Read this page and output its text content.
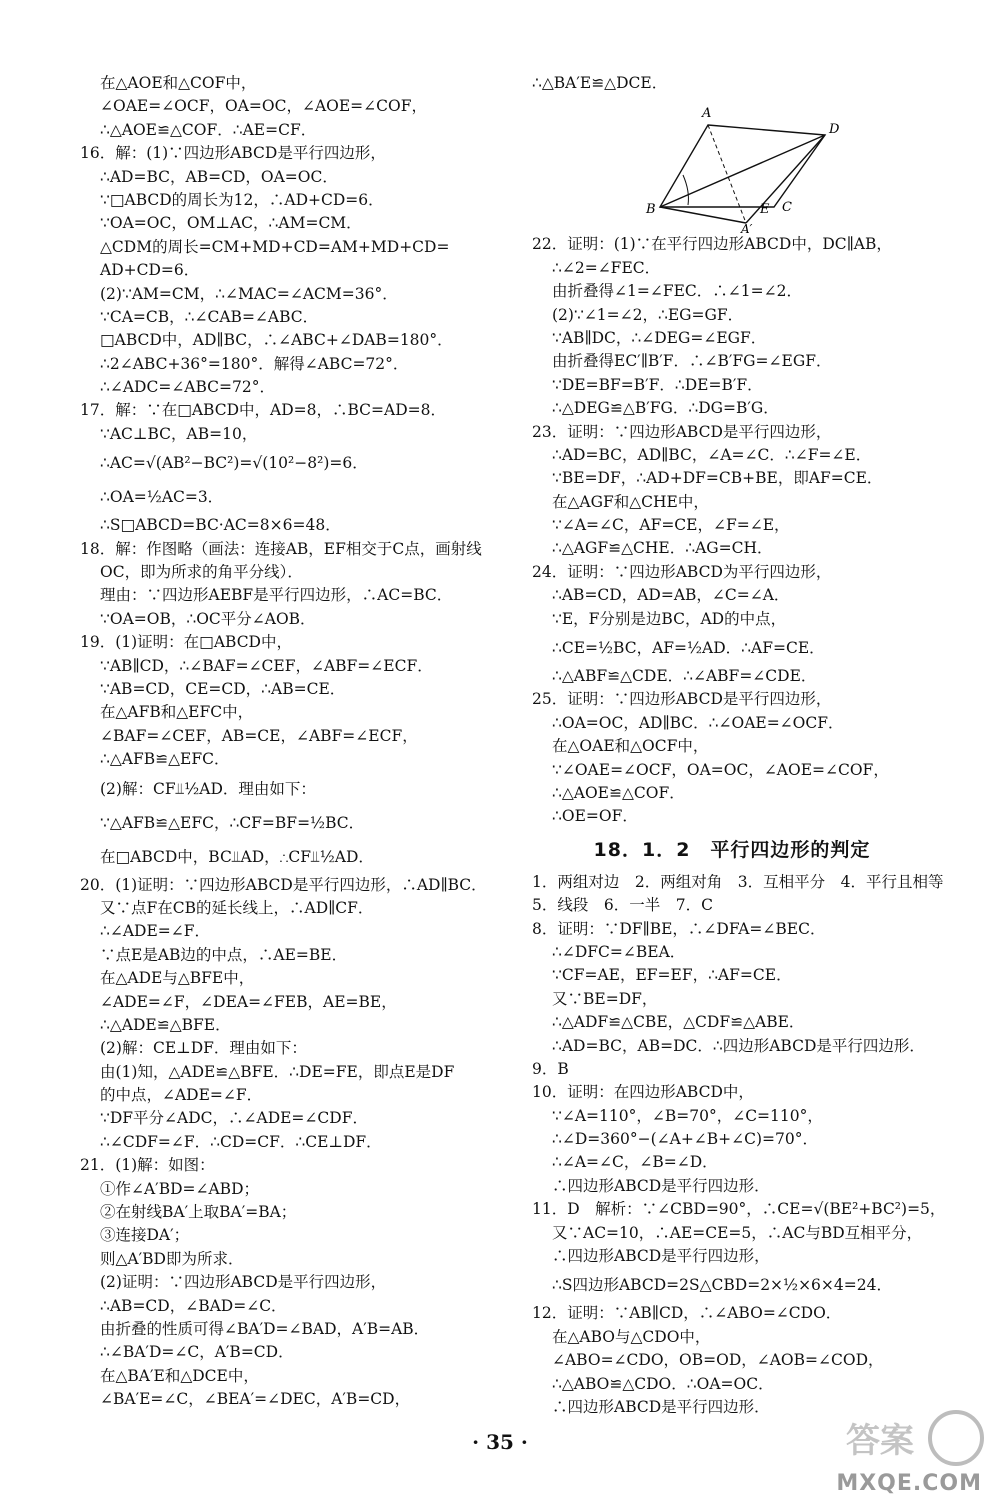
在△AOE和△COF中，
∠OAE=∠OCF，OA=OC，∠AOE=∠COF，
∴△AOE≌△COF．∴AE=CF．
16．解：(1)∵四边形ABCD是平行四边形，
∴AD=BC，AB=CD，OA=OC．
∵□ABCD的周长为12，∴AD+CD=6．
∵OA=OC，OM⊥AC，∴AM=CM．
△CDM的周长=CM+MD+CD=AM+MD+CD=
AD+CD=6．
(2)∵AM=CM，∴∠MAC=∠ACM=36°．
∵CA=CB，∴∠CAB=∠ABC．
□ABCD中，AD∥BC，∴∠ABC+∠DAB=180°．
∴2∠ABC+36°=180°．解得∠ABC=72°．
∴∠ADC=∠ABC=72°．
17．解：∵在□ABCD中，AD=8，∴BC=AD=8．
∵AC⊥BC，AB=10，
∴AC=√(AB²−BC²)=√(10²−8²)=6．
∴OA=½AC=3．
∴S□ABCD=BC·AC=8×6=48．
18．解：作图略（画法：连接AB，EF相交于C点，画射线
OC，即为所求的角平分线）．
理由：∵四边形AEBF是平行四边形，∴AC=BC．
∵OA=OB，∴OC平分∠AOB．
19．(1)证明：在□ABCD中，
∵AB∥CD，∴∠BAF=∠CEF，∠ABF=∠ECF．
∵AB=CD，CE=CD，∴AB=CE．
在△AFB和△EFC中，
∠BAF=∠CEF，AB=CE，∠ABF=∠ECF，
∴△AFB≌△EFC．
(2)解：CF⫫½AD．理由如下：
∵△AFB≌△EFC，∴CF=BF=½BC．
在□ABCD中，BC⫫AD，∴CF⫫½AD．
20．(1)证明：∵四边形ABCD是平行四边形，∴AD∥BC．
又∵点F在CB的延长线上，∴AD∥CF．
∴∠ADE=∠F．
∵点E是AB边的中点，∴AE=BE．
在△ADE与△BFE中，
∠ADE=∠F，∠DEA=∠FEB，AE=BE，
∴△ADE≌△BFE．
(2)解：CE⊥DF．理由如下：
由(1)知，△ADE≌△BFE．∴DE=FE，即点E是DF
的中点，∠ADE=∠F．
∵DF平分∠ADC，∴∠ADE=∠CDF．
∴∠CDF=∠F．∴CD=CF．∴CE⊥DF．
21．(1)解：如图：
①作∠A′BD=∠ABD；
②在射线BA′上取BA′=BA；
③连接DA′；
则△A′BD即为所求．
(2)证明：∵四边形ABCD是平行四边形，
∴AB=CD，∠BAD=∠C．
由折叠的性质可得∠BA′D=∠BAD，A′B=AB．
∴∠BA′D=∠C，A′B=CD．
在△BA′E和△DCE中，
∠BA′E=∠C，∠BEA′=∠DEC，A′B=CD，
∴△BA′E≌△DCE．
A
D
B	E C
A′
22．证明：(1)∵在平行四边形ABCD中，DC∥AB，
∴∠2=∠FEC．
由折叠得∠1=∠FEC．∴∠1=∠2．
(2)∵∠1=∠2，∴EG=GF．
∵AB∥DC，∴∠DEG=∠EGF．
由折叠得EC′∥B′F．∴∠B′FG=∠EGF．
∵DE=BF=B′F．∴DE=B′F．
∴△DEG≌△B′FG．∴DG=B′G．
23．证明：∵四边形ABCD是平行四边形，
∴AD=BC，AD∥BC，∠A=∠C．∴∠F=∠E．
∵BE=DF，∴AD+DF=CB+BE，即AF=CE．
在△AGF和△CHE中，
∵∠A=∠C，AF=CE，∠F=∠E，
∴△AGF≌△CHE．∴AG=CH．
24．证明：∵四边形ABCD为平行四边形，
∴AB=CD，AD=AB，∠C=∠A．
∵E，F分别是边BC，AD的中点，
∴CE=½BC，AF=½AD．∴AF=CE．
∴△ABF≌△CDE．∴∠ABF=∠CDE．
25．证明：∵四边形ABCD是平行四边形，
∴OA=OC，AD∥BC．∴∠OAE=∠OCF．
在△OAE和△OCF中，
∵∠OAE=∠OCF，OA=OC，∠AOE=∠COF，
∴△AOE≌△COF．
∴OE=OF．
18．1．2　平行四边形的判定
1．两组对边　2．两组对角　3．互相平分　4．平行且相等
5．线段　6．一半　7．C
8．证明：∵DF∥BE，∴∠DFA=∠BEC．
∴∠DFC=∠BEA．
∵CF=AE，EF=EF，∴AF=CE．
又∵BE=DF，
∴△ADF≌△CBE，△CDF≌△ABE．
∴AD=BC，AB=DC．∴四边形ABCD是平行四边形．
9．B
10．证明：在四边形ABCD中，
∵∠A=110°，∠B=70°，∠C=110°，
∴∠D=360°−(∠A+∠B+∠C)=70°．
∴∠A=∠C，∠B=∠D．
∴四边形ABCD是平行四边形．
11．D　解析：∵∠CBD=90°，∴CE=√(BE²+BC²)=5，
又∵AC=10，∴AE=CE=5，∴AC与BD互相平分，
∴四边形ABCD是平行四边形，
∴S四边形ABCD=2S△CBD=2×½×6×4=24．
12．证明：∵AB∥CD，∴∠ABO=∠CDO．
在△ABO与△CDO中，
∠ABO=∠CDO，OB=OD，∠AOB=∠COD，
∴△ABO≌△CDO．∴OA=OC．
∴四边形ABCD是平行四边形．
· 35 ·	答案
MXQE.COM
